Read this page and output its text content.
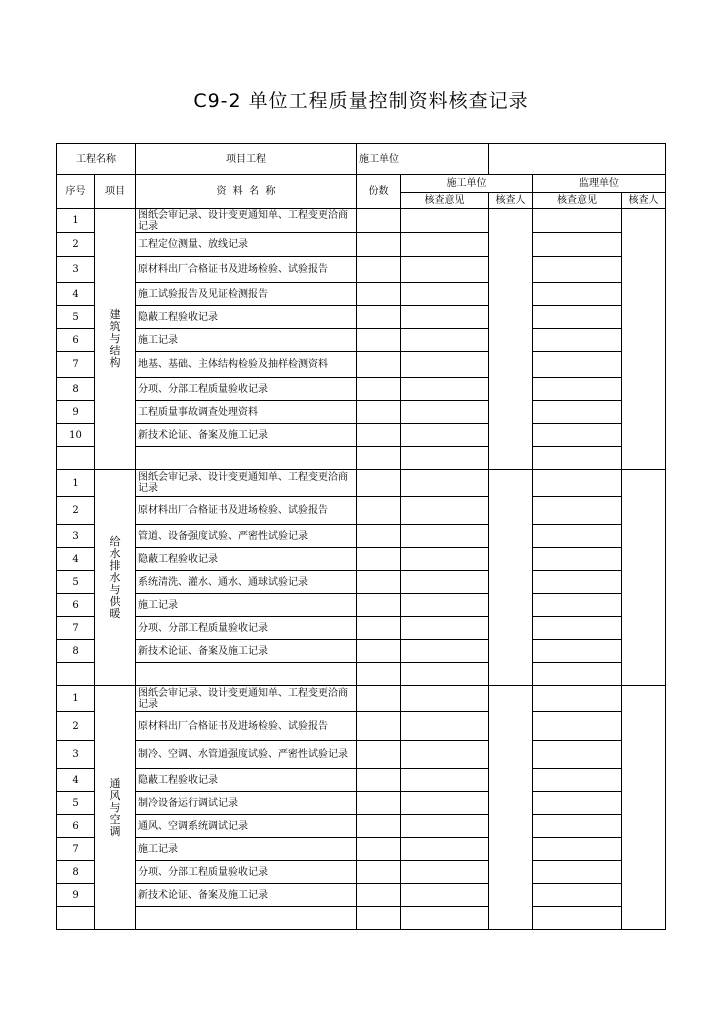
C9-2 单位工程质量控制资料核查记录
工程名称		项目工程	施工单位				
序号	项目	资  料  名  称	份数	施工单位		监理单位	
				核查意见	核查人	核查意见	核查人
1	建筑与结构	图纸会审记录、设计变更通知单、工程变更洽商记录					
2		工程定位测量、放线记录					
3		原材料出厂合格证书及进场检验、试验报告					
4		施工试验报告及见证检测报告					
5		隐蔽工程验收记录					
6		施工记录					
7		地基、基础、主体结构检验及抽样检测资料					
8		分项、分部工程质量验收记录					
9		工程质量事故调查处理资料					
10		新技术论证、备案及施工记录					

1	给水排水与供暖	图纸会审记录、设计变更通知单、工程变更洽商记录					
2		原材料出厂合格证书及进场检验、试验报告					
3		管道、设备强度试验、严密性试验记录					
4		隐蔽工程验收记录					
5		系统清洗、灌水、通水、通球试验记录					
6		施工记录					
7		分项、分部工程质量验收记录					
8		新技术论证、备案及施工记录					

1	通风与空调	图纸会审记录、设计变更通知单、工程变更洽商记录					
2		原材料出厂合格证书及进场检验、试验报告					
3		制冷、空调、水管道强度试验、严密性试验记录					
4		隐蔽工程验收记录					
5		制冷设备运行调试记录					
6		通风、空调系统调试记录					
7		施工记录					
8		分项、分部工程质量验收记录					
9		新技术论证、备案及施工记录					
